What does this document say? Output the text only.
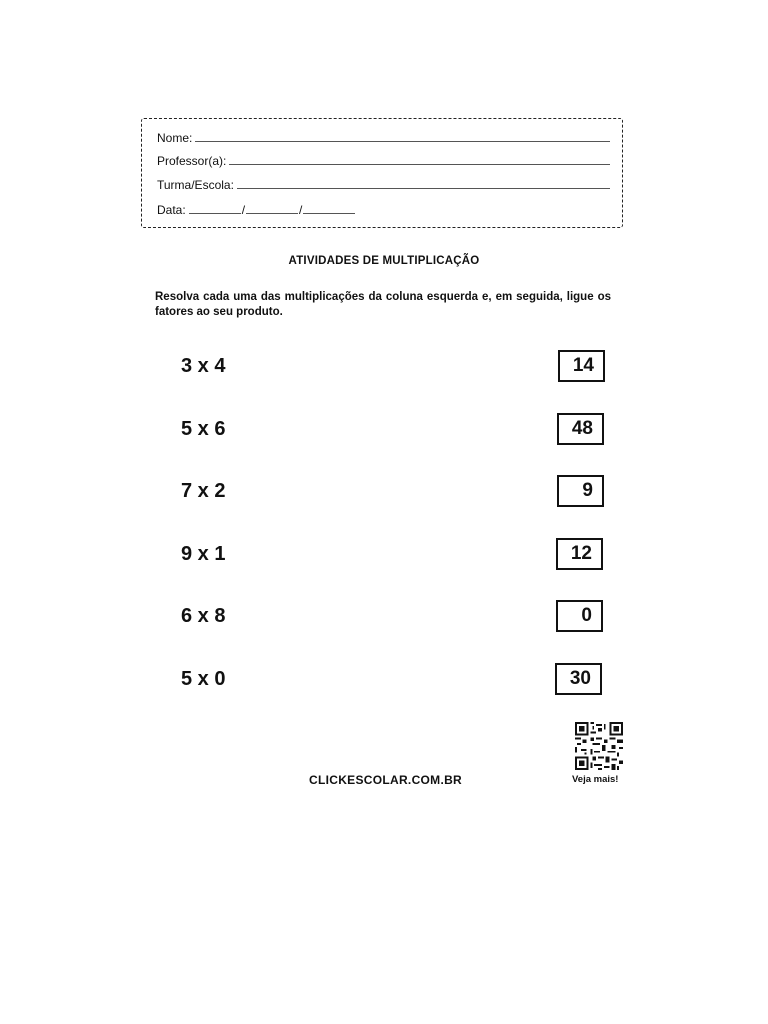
Nome:
Professor(a):
Turma/Escola:
Data:	/	/
ATIVIDADES DE MULTIPLICAÇÃO
Resolva cada uma das multiplicações da coluna esquerda e, em seguida, ligue os fatores ao seu produto.
3 x 4	14
5 x 6	48
7 x 2	9
9 x 1	12
6 x 8	0
5 x 0	30
CLICKESCOLAR.COM.BR	Veja mais!
